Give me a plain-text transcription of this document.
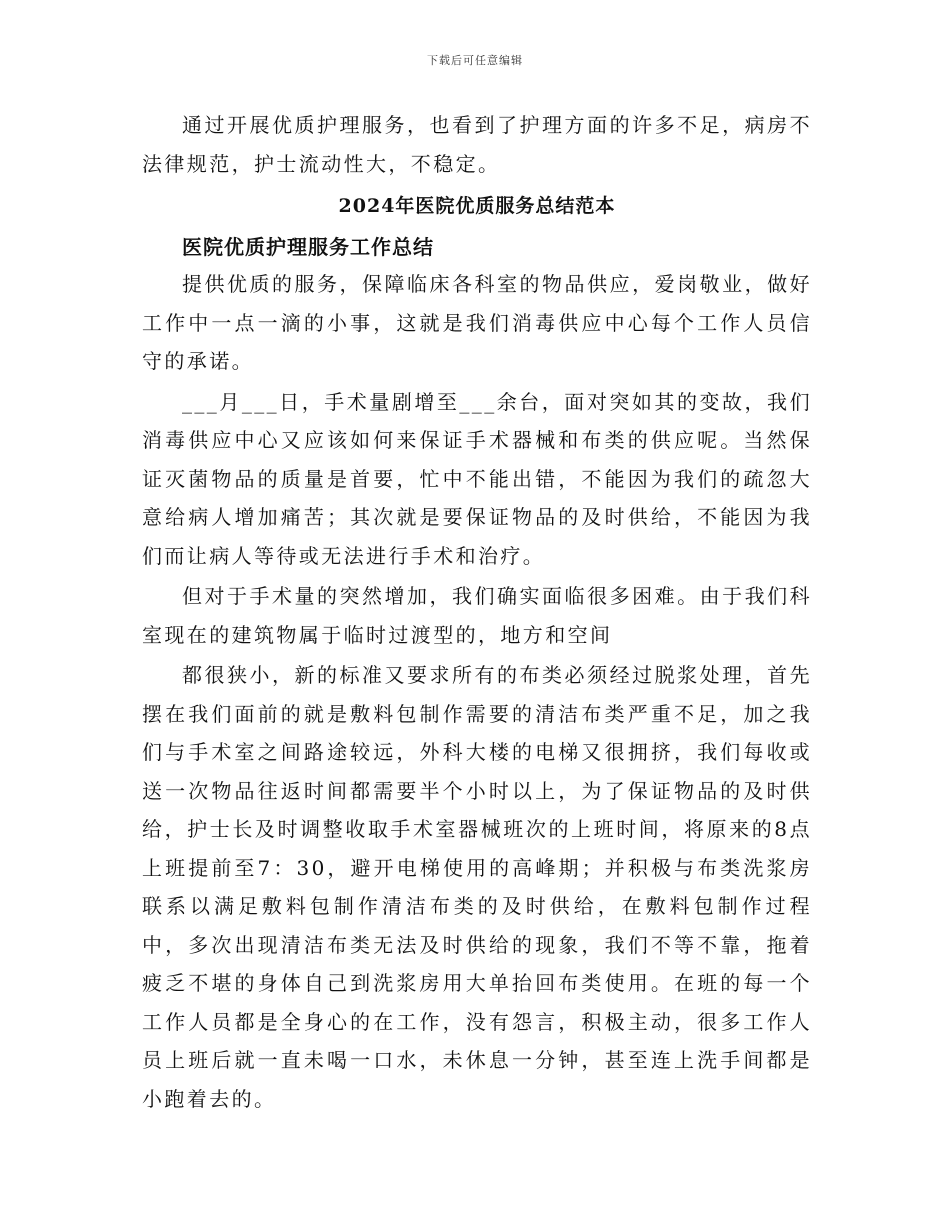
下载后可任意编辑

通过开展优质护理服务，也看到了护理方面的许多不足，病房不法律规范，护士流动性大，不稳定。

2024年医院优质服务总结范本
医院优质护理服务工作总结

提供优质的服务，保障临床各科室的物品供应，爱岗敬业，做好工作中一点一滴的小事，这就是我们消毒供应中心每个工作人员信守的承诺。

___月___日，手术量剧增至___余台，面对突如其的变故，我们消毒供应中心又应该如何来保证手术器械和布类的供应呢。当然保证灭菌物品的质量是首要，忙中不能出错，不能因为我们的疏忽大意给病人增加痛苦；其次就是要保证物品的及时供给，不能因为我们而让病人等待或无法进行手术和治疗。

但对于手术量的突然增加，我们确实面临很多困难。由于我们科室现在的建筑物属于临时过渡型的，地方和空间

都很狭小，新的标准又要求所有的布类必须经过脱浆处理，首先摆在我们面前的就是敷料包制作需要的清洁布类严重不足，加之我们与手术室之间路途较远，外科大楼的电梯又很拥挤，我们每收或送一次物品往返时间都需要半个小时以上，为了保证物品的及时供给，护士长及时调整收取手术室器械班次的上班时间，将原来的8点上班提前至7：30，避开电梯使用的高峰期；并积极与布类洗浆房联系以满足敷料包制作清洁布类的及时供给，在敷料包制作过程中，多次出现清洁布类无法及时供给的现象，我们不等不靠，拖着疲乏不堪的身体自己到洗浆房用大单抬回布类使用。在班的每一个工作人员都是全身心的在工作，没有怨言，积极主动，很多工作人员上班后就一直未喝一口水，未休息一分钟，甚至连上洗手间都是小跑着去的。
